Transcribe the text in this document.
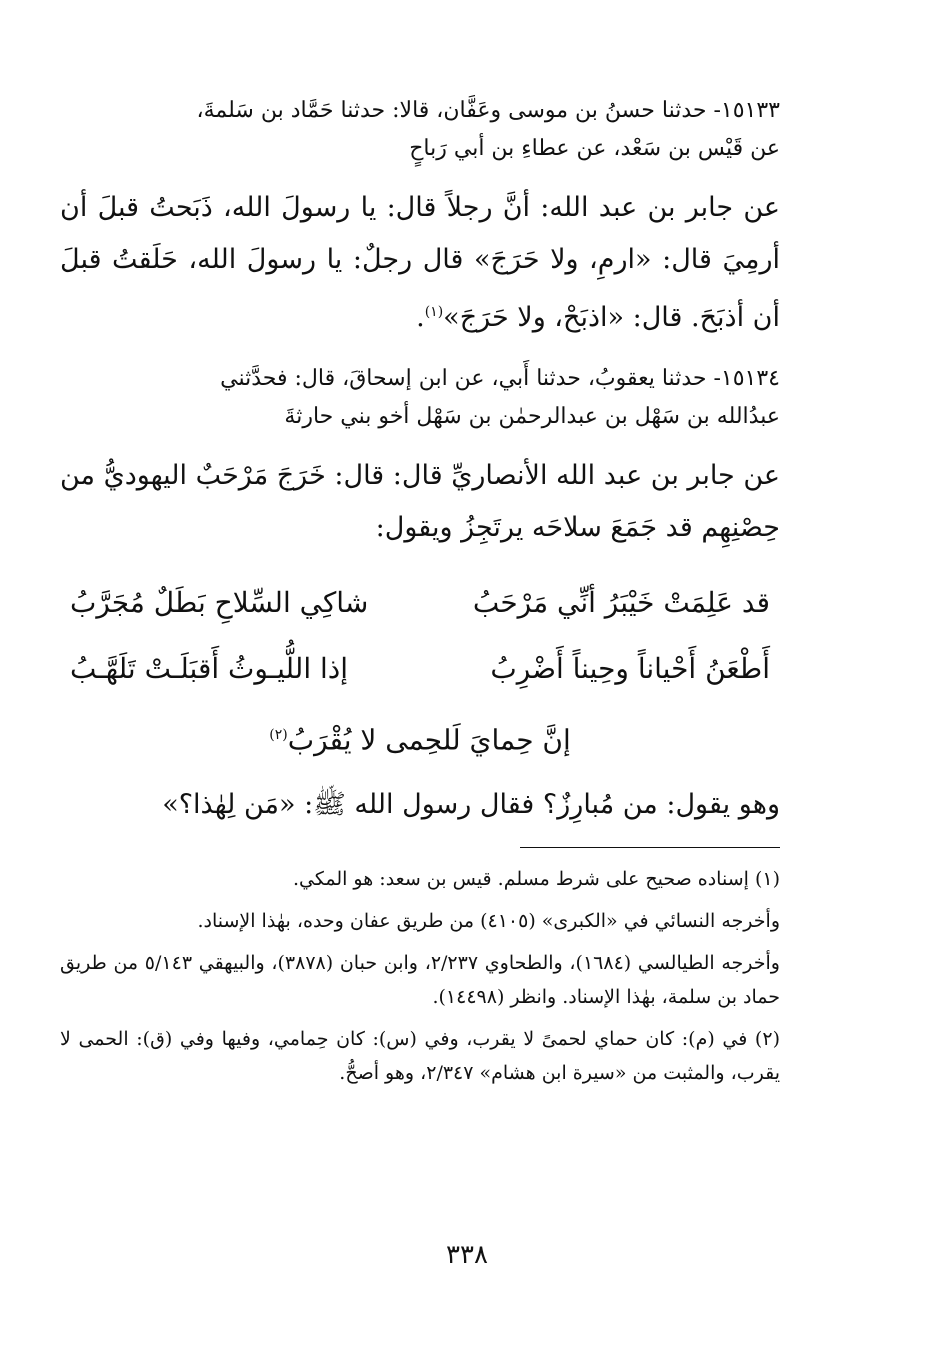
١٥١٣٣- حدثنا حسنُ بن موسى وعَفَّان، قالا: حدثنا حَمَّاد بن سَلمةَ،
عن قَيْس بن سَعْد، عن عطاءِ بن أبي رَباحٍ
عن جابر بن عبد الله: أنَّ رجلاً قال: يا رسولَ الله، ذَبَحتُ قبلَ أن أرمِيَ قال: «ارمِ، ولا حَرَجَ» قال رجلٌ: يا رسولَ الله، حَلَقتُ قبلَ أن أذبَحَ. قال: «اذبَحْ، ولا حَرَجَ»$^{(١)}$.
١٥١٣٤- حدثنا يعقوبُ، حدثنا أَبي، عن ابن إسحاقَ، قال: فحدَّثني
عبدُالله بن سَهْل بن عبدالرحمٰن بن سَهْل أخو بني حارثةَ
عن جابر بن عبد الله الأنصاريِّ قال: قال: خَرَجَ مَرْحَبٌ اليهوديُّ من حِصْنِهِم قد جَمَعَ سلاحَه يرتَجِزُ ويقول:
قد عَلِمَتْ خَيْبَرُ أنِّي مَرْحَبُ
شاكِي السِّلاحِ بَطَلٌ مُجَرَّبُ
أَطْعَنُ أَحْياناً وحِيناً أَضْرِبُ
إذا اللُّيـوثُ أَقبَلَـتْ تَلَهَّـبُ
إنَّ حِمايَ لَلحِمى لا يُقْرَبُ$^{(٢)}$
وهو يقول: من مُبارِزٌ؟ فقال رسول الله ﷺ: «مَن لِهٰذا؟»

(١) إسناده صحيح على شرط مسلم. قيس بن سعد: هو المكي.

وأخرجه النسائي في «الكبرى» (٤١٠٥) من طريق عفان وحده، بهٰذا الإسناد.

وأخرجه الطيالسي (١٦٨٤)، والطحاوي ٢/٢٣٧، وابن حبان (٣٨٧٨)، والبيهقي ٥/١٤٣ من طريق حماد بن سلمة، بهٰذا الإسناد. وانظر (١٤٤٩٨).

(٢) في (م): كان حماي لحمىً لا يقرب، وفي (س): كان حِمامي، وفيها وفي (ق): الحمى لا يقرب، والمثبت من «سيرة ابن هشام» ٢/٣٤٧، وهو أصحُّ.

٣٣٨
